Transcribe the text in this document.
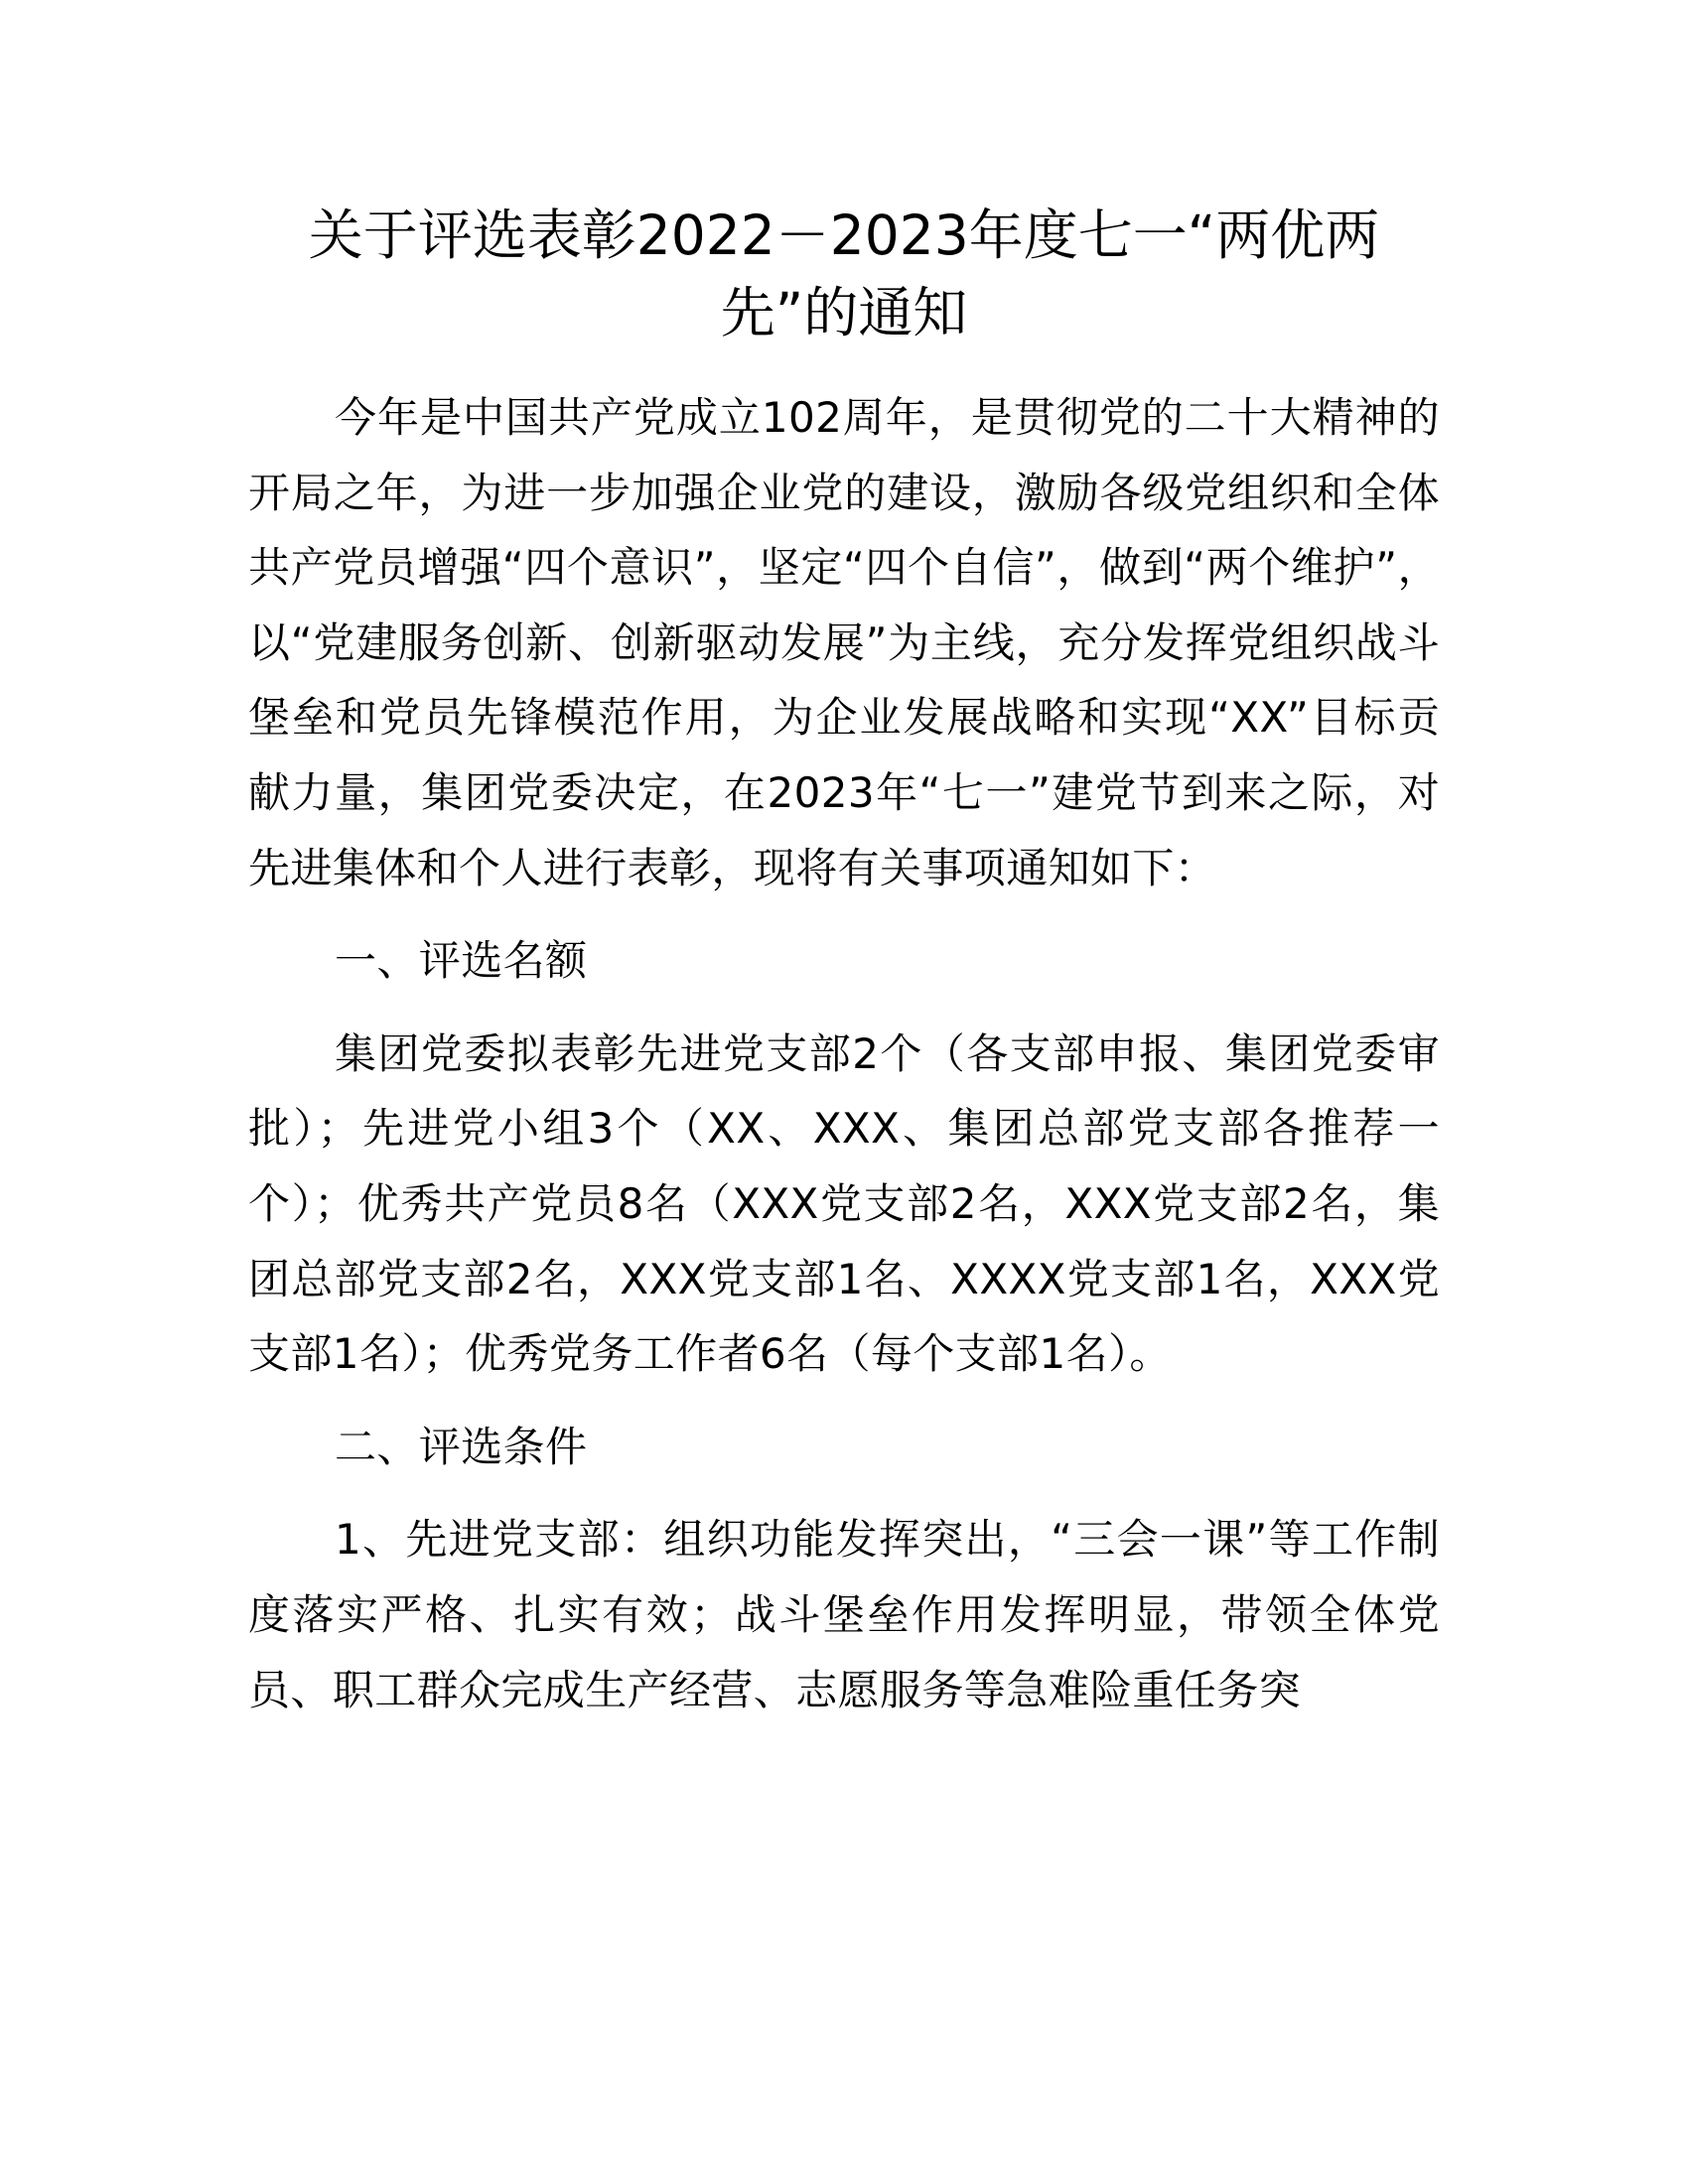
关于评选表彰2022－2023年度七一“两优两先”的通知

今年是中国共产党成立102周年，是贯彻党的二十大精神的开局之年，为进一步加强企业党的建设，激励各级党组织和全体共产党员增强“四个意识”，坚定“四个自信”，做到“两个维护”，以“党建服务创新、创新驱动发展”为主线，充分发挥党组织战斗堡垒和党员先锋模范作用，为企业发展战略和实现“XX”目标贡献力量，集团党委决定，在2023年“七一”建党节到来之际，对先进集体和个人进行表彰，现将有关事项通知如下：

一、评选名额

集团党委拟表彰先进党支部2个（各支部申报、集团党委审批）；先进党小组3个（XX、XXX、集团总部党支部各推荐一个）；优秀共产党员8名（XXX党支部2名，XXX党支部2名，集团总部党支部2名，XXX党支部1名、XXXX党支部1名，XXX党支部1名）；优秀党务工作者6名（每个支部1名）。

二、评选条件

1、先进党支部：组织功能发挥突出，“三会一课”等工作制度落实严格、扎实有效；战斗堡垒作用发挥明显，带领全体党员、职工群众完成生产经营、志愿服务等急难险重任务突
